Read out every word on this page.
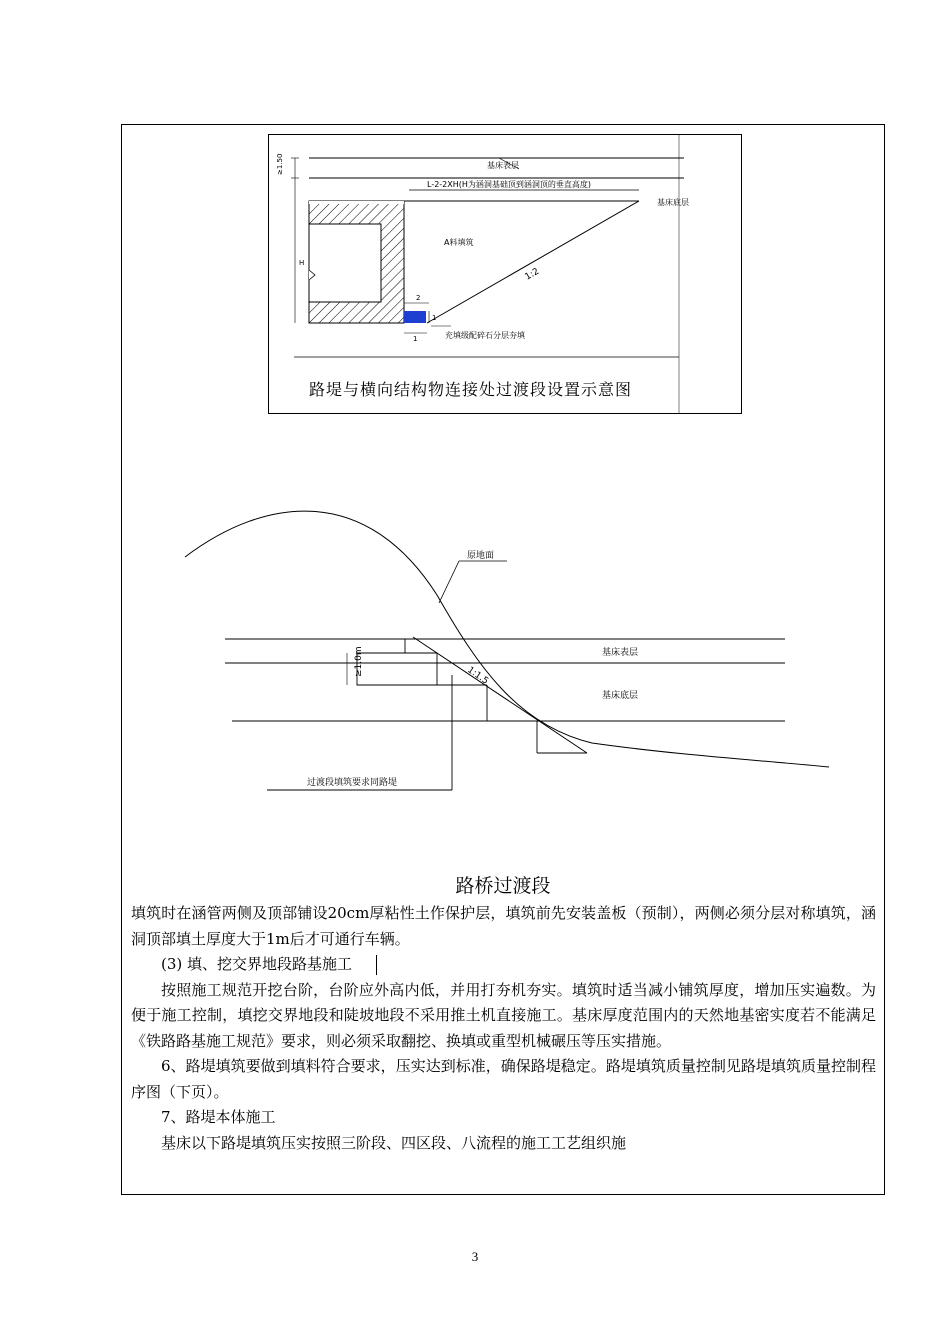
基床表层
≥1.50
L-2-2XH(H为涵洞基础顶到涵洞顶的垂直高度)
基床底层
A料填筑
1:2
H
2
1
1	充填级配碎石分层夯填
路堤与横向结构物连接处过渡段设置示意图
原地面
基床表层
基床底层
≥1.0m	1:1.5
过渡段填筑要求同路堤
路桥过渡段

填筑时在涵管两侧及顶部铺设20cm厚粘性土作保护层，填筑前先安装盖板（预制），两侧必须分层对称填筑，涵洞顶部填土厚度大于1m后才可通行车辆。

(3) 填、挖交界地段路基施工

按照施工规范开挖台阶，台阶应外高内低，并用打夯机夯实。填筑时适当减小铺筑厚度，增加压实遍数。为便于施工控制，填挖交界地段和陡坡地段不采用推土机直接施工。基床厚度范围内的天然地基密实度若不能满足《铁路路基施工规范》要求，则必须采取翻挖、换填或重型机械碾压等压实措施。

6、路堤填筑要做到填料符合要求，压实达到标准，确保路堤稳定。路堤填筑质量控制见路堤填筑质量控制程序图（下页）。

7、路堤本体施工

基床以下路堤填筑压实按照三阶段、四区段、八流程的施工工艺组织施

3
